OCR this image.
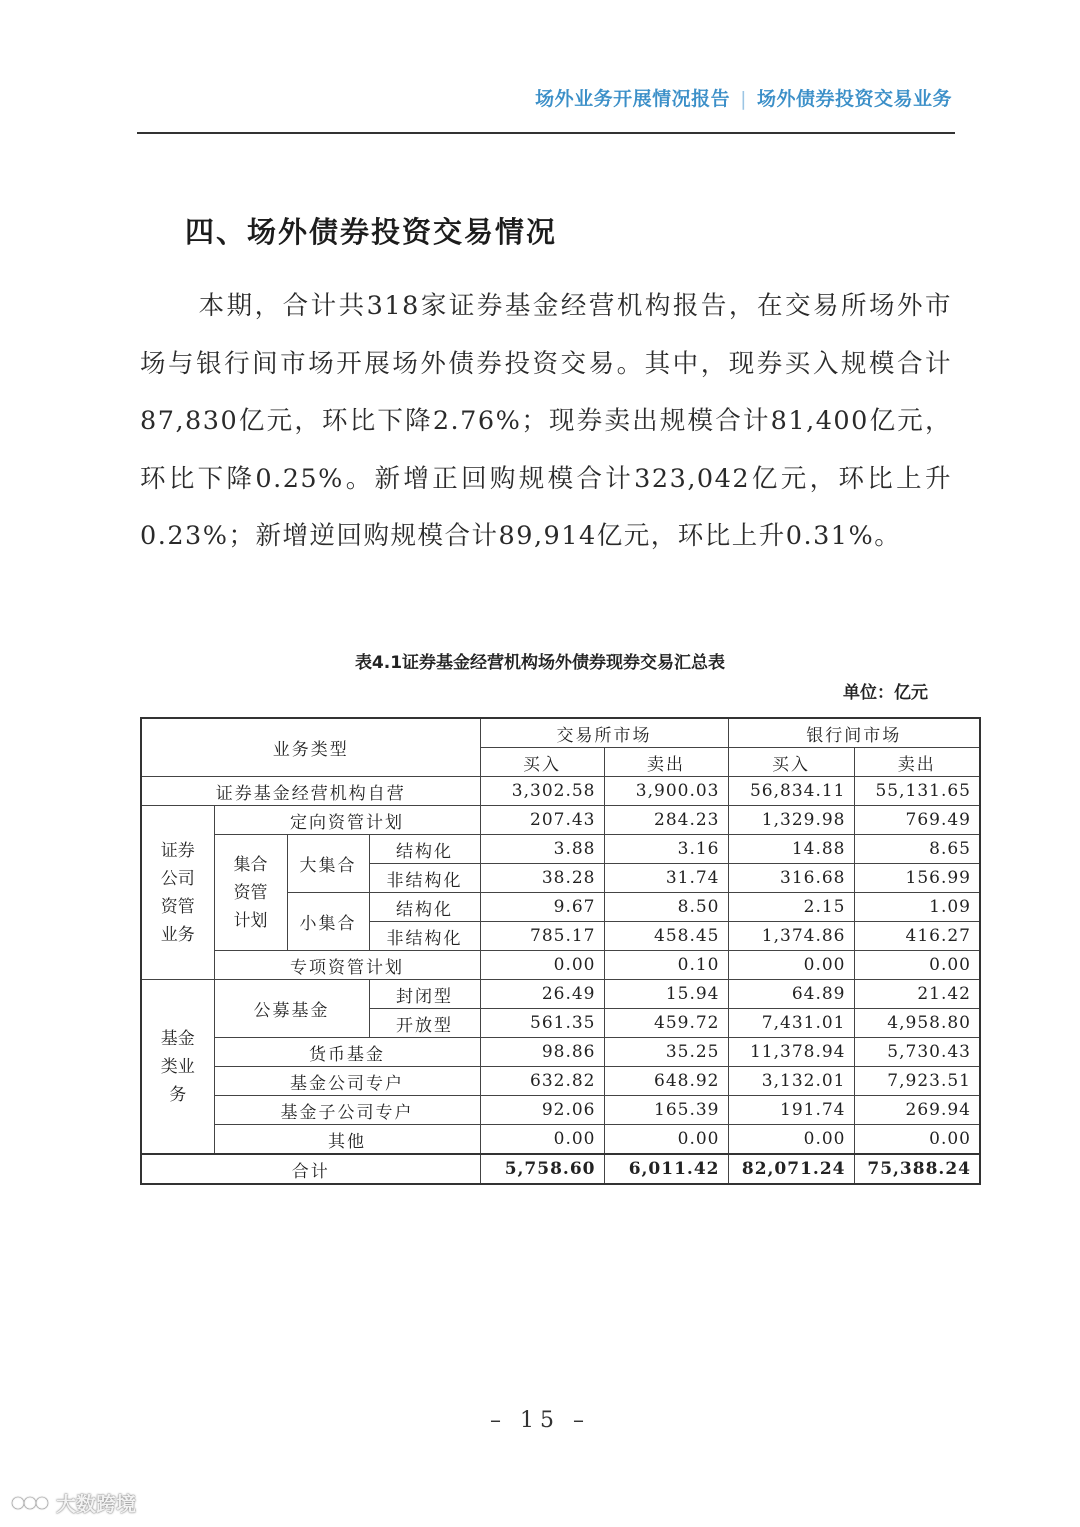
场外业务开展情况报告 | 场外债券投资交易业务
四、场外债券投资交易情况

本期，合计共318家证券基金经营机构报告，在交易所场外市场与银行间市场开展场外债券投资交易。其中，现券买入规模合计87,830亿元，环比下降2.76%；现券卖出规模合计81,400亿元，环比下降0.25%。新增正回购规模合计323,042亿元，环比上升0.23%；新增逆回购规模合计89,914亿元，环比上升0.31%。

表4.1证券基金经营机构场外债券现券交易汇总表
单位：亿元
业务类型				交易所市场		银行间市场	
				买入	卖出	买入	卖出
证券基金经营机构自营				3,302.58	3,900.03	56,834.11	55,131.65
证券公司资管业务	定向资管计划			207.43	284.23	1,329.98	769.49
	集合资管计划	大集合	结构化	3.88	3.16	14.88	8.65
			非结构化	38.28	31.74	316.68	156.99
		小集合	结构化	9.67	8.50	2.15	1.09
			非结构化	785.17	458.45	1,374.86	416.27
	专项资管计划			0.00	0.10	0.00	0.00
基金类业务	公募基金		封闭型	26.49	15.94	64.89	21.42
			开放型	561.35	459.72	7,431.01	4,958.80
	货币基金			98.86	35.25	11,378.94	5,730.43
	基金公司专户			632.82	648.92	3,132.01	7,923.51
	基金子公司专户			92.06	165.39	191.74	269.94
	其他			0.00	0.00	0.00	0.00
合计				5,758.60	6,011.42	82,071.24	75,388.24
– 15 –
大数跨境
